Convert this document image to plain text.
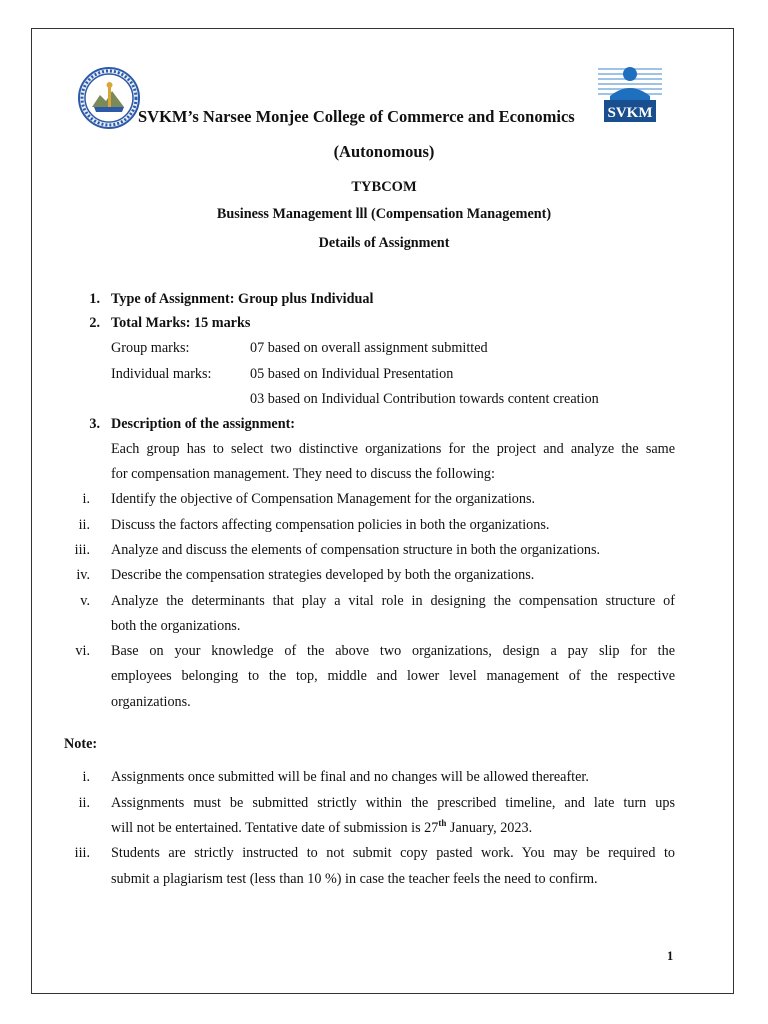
SVKM
SVKM’s Narsee Monjee College of Commerce and Economics
(Autonomous)
TYBCOM
Business Management lll (Compensation Management)
Details of Assignment
1. Type of Assignment: Group plus Individual
2. Total Marks: 15 marks
Group marks:	07 based on overall assignment submitted
Individual marks:	05 based on Individual Presentation
03 based on Individual Contribution towards content creation
3. Description of the assignment:
Each group has to select two distinctive organizations for the project and analyze the same
for compensation management. They need to discuss the following:
i. Identify the objective of Compensation Management for the organizations.
ii. Discuss the factors affecting compensation policies in both the organizations.
iii. Analyze and discuss the elements of compensation structure in both the organizations.
iv. Describe the compensation strategies developed by both the organizations.
v. Analyze the determinants that play a vital role in designing the compensation structure of
both the organizations.
vi. Base on your knowledge of the above two organizations, design a pay slip for the
employees belonging to the top, middle and lower level management of the respective
organizations.
Note:
i. Assignments once submitted will be final and no changes will be allowed thereafter.
ii. Assignments must be submitted strictly within the prescribed timeline, and late turn ups
will not be entertained. Tentative date of submission is 27th January, 2023.
iii. Students are strictly instructed to not submit copy pasted work. You may be required to
submit a plagiarism test (less than 10 %) in case the teacher feels the need to confirm.
1
